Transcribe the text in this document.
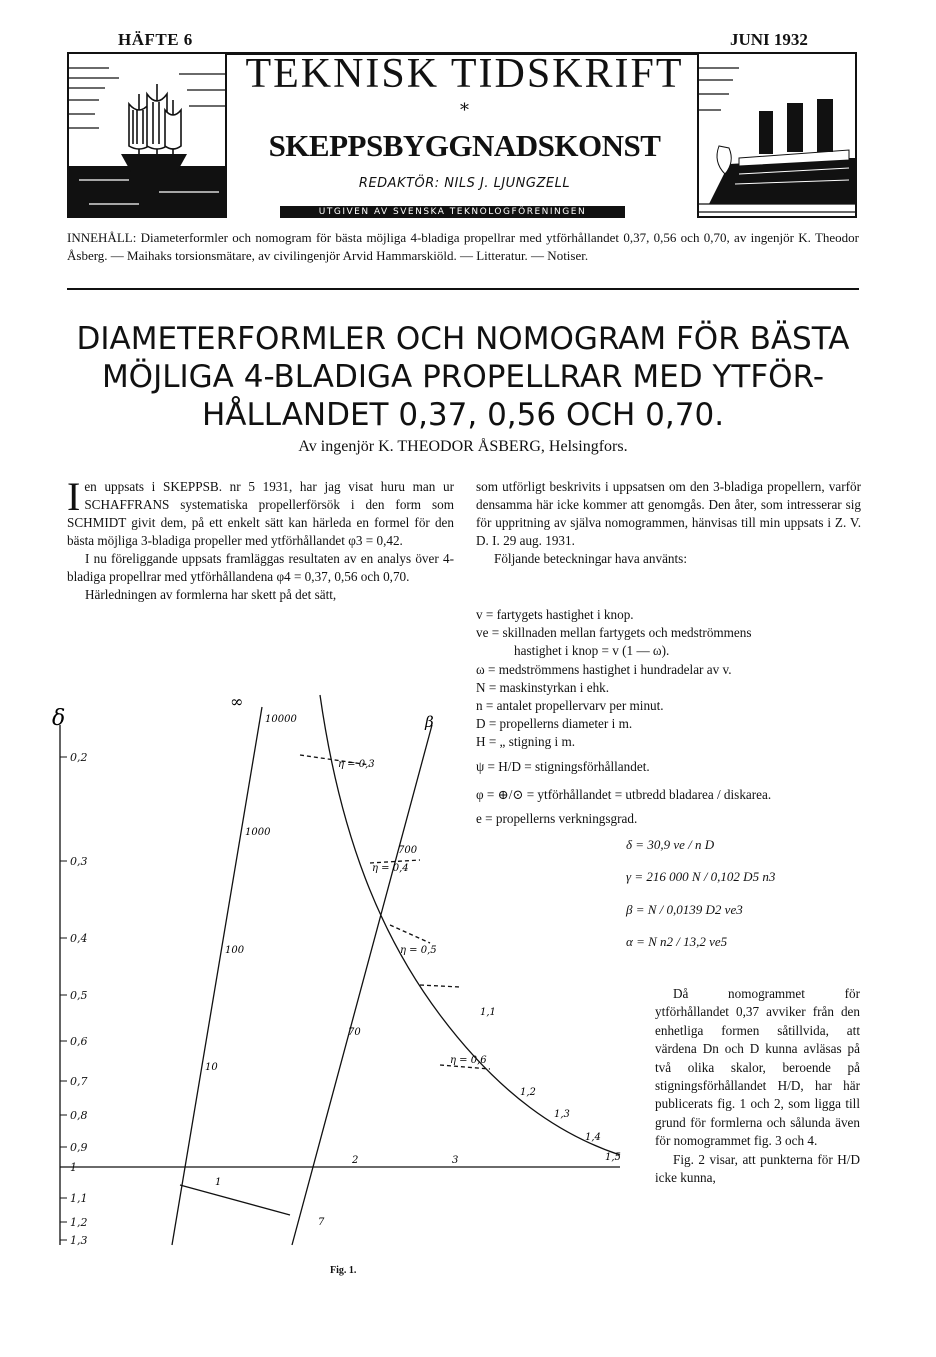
HÄFTE 6	JUNI 1932
TEKNISK TIDSKRIFT
*
SKEPPSBYGGNADSKONST
REDAKTÖR: NILS J. LJUNGZELL
UTGIVEN AV SVENSKA TEKNOLOGFÖRENINGEN
INNEHÅLL: Diameterformler och nomogram för bästa möjliga 4-bladiga propellrar med ytförhållandet 0,37, 0,56 och 0,70, av ingenjör K. Theodor Åsberg. — Maihaks torsionsmätare, av civilingenjör Arvid Hammarskiöld. — Litteratur. — Notiser.
DIAMETERFORMLER OCH NOMOGRAM FÖR BÄSTA
MÖJLIGA 4-BLADIGA PROPELLRAR MED YTFÖR-
HÅLLANDET 0,37, 0,56 OCH 0,70.
Av ingenjör K. THEODOR ÅSBERG, Helsingfors.
I en uppsats i SKEPPSB. nr 5 1931, har jag visat huru man ur SCHAFFRANS systematiska propellerförsök i den form som SCHMIDT givit dem, på ett enkelt sätt kan härleda en formel för den bästa möjliga 3-bladiga propeller med ytförhållandet φ3 = 0,42.
I nu föreliggande uppsats framläggas resultaten av en analys över 4-bladiga propellrar med ytförhållandena φ4 = 0,37, 0,56 och 0,70.
Härledningen av formlerna har skett på det sätt,
som utförligt beskrivits i uppsatsen om den 3-bladiga propellern, varför densamma här icke kommer att genomgås. Den åter, som intresserar sig för uppritning av själva nomogrammen, hänvisas till min uppsats i Z. V. D. I. 29 aug. 1931.
Följande beteckningar hava använts:
v = fartygets hastighet i knop.
ve = skillnaden mellan fartygets och medströmmens
hastighet i knop = v (1 — ω).
ω = medströmmens hastighet i hundradelar av v.
N = maskinstyrkan i ehk.
n = antalet propellervarv per minut.
D = propellerns diameter i m.
H = „ stigning i m.
ψ = H/D = stigningsförhållandet.
φ = ⊕/⊙ = ytförhållandet = utbredd bladarea / diskarea.
e = propellerns verkningsgrad.
δ = 30,9 ve / n D
γ = 216 000 N / 0,102 D5 n3
β = N / 0,0139 D2 ve3
α = N n2 / 13,2 ve5
Då nomogrammet för ytförhållandet 0,37 avviker från den enhetliga formen såtillvida, att värdena Dn och D kunna avläsas på två olika skalor, beroende på stigningsförhållandet H/D, har här publicerats fig. 1 och 2, som ligga till grund för formlerna och sålunda även för nomogrammet fig. 3 och 4.
Fig. 2 visar, att punkterna för H/D icke kunna,
0,2
0,3
0,4
0,5
0,6
0,7
0,8
0,9
1
1,1
1,2
1,3
δ
∞
β
10000
1000
100
10
1
700
70
7
η = 0,3
η = 0,4
η = 0,5
η = 0,6
1,1
1,2
1,3
1,4
1,5
2	3
Fig. 1.
